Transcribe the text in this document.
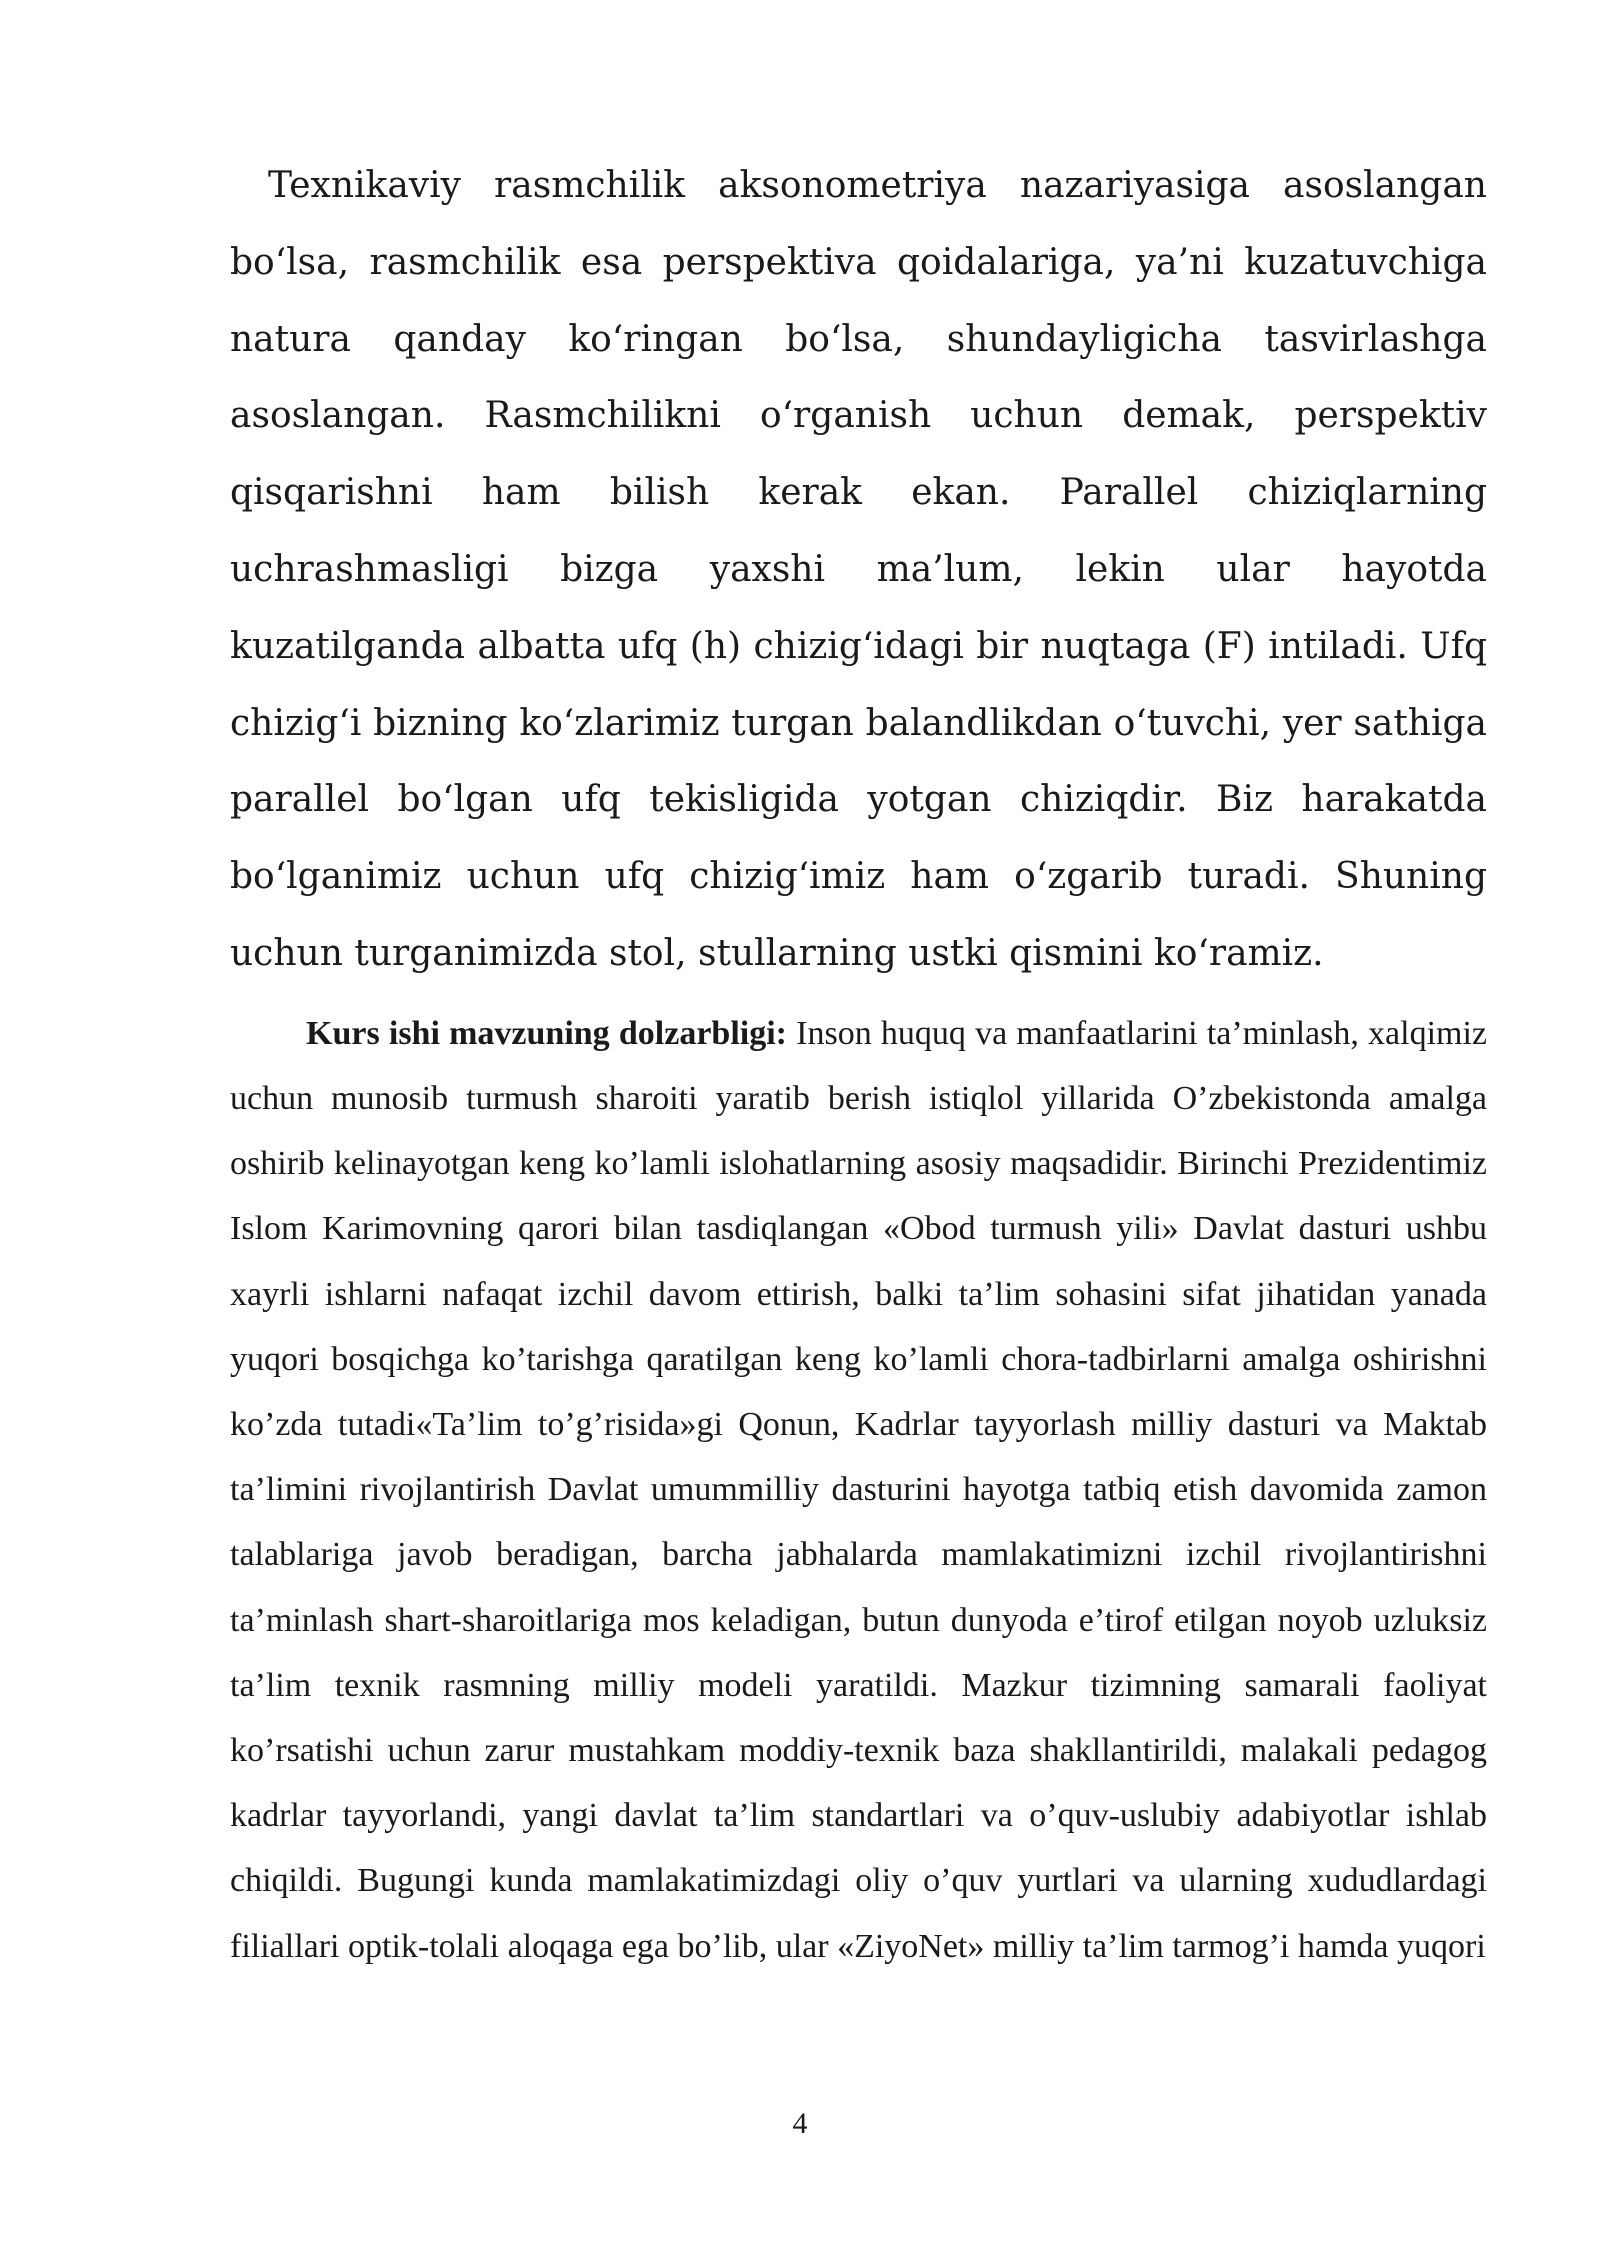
Texnikaviy rasmchilik aksonometriya nazariyasiga asoslangan bo‘lsa, rasmchilik esa perspektiva qoidalariga, ya’ni kuzatuvchiga natura qanday ko‘ringan bo‘lsa, shundayligicha tasvirlashga asoslangan. Rasmchilikni o‘rganish uchun demak, perspektiv qisqarishni ham bilish kerak ekan. Parallel chiziqlarning uchrashmasligi bizga yaxshi ma’lum, lekin ular hayotda kuzatilganda albatta ufq (h) chizig‘idagi bir nuqtaga (F) intiladi. Ufq chizig‘i bizning ko‘zlarimiz turgan balandlikdan o‘tuvchi, yer sathiga parallel bo‘lgan ufq tekisligida yotgan chiziqdir. Biz harakatda bo‘lganimiz uchun ufq chizig‘imiz ham o‘zgarib turadi. Shuning uchun turganimizda stol, stullarning ustki qismini ko‘ramiz.

Kurs ishi mavzuning dolzarbligi: Inson huquq va manfaatlarini ta’minlash, xalqimiz uchun munosib turmush sharoiti yaratib berish istiqlol yillarida O’zbekistonda amalga oshirib kelinayotgan keng ko’lamli islohatlarning asosiy maqsadidir. Birinchi Prezidentimiz Islom Karimovning qarori bilan tasdiqlangan «Obod turmush yili» Davlat dasturi ushbu xayrli ishlarni nafaqat izchil davom ettirish, balki ta’lim sohasini sifat jihatidan yanada yuqori bosqichga ko’tarishga qaratilgan keng ko’lamli chora-tadbirlarni amalga oshirishni ko’zda tutadi«Ta’lim to’g’risida»gi Qonun, Kadrlar tayyorlash milliy dasturi va Maktab ta’limini rivojlantirish Davlat umummilliy dasturini hayotga tatbiq etish davomida zamon talablariga javob beradigan, barcha jabhalarda mamlakatimizni izchil rivojlantirishni ta’minlash shart-sharoitlariga mos keladigan, butun dunyoda e’tirof etilgan noyob uzluksiz ta’lim texnik rasmning milliy modeli yaratildi. Mazkur tizimning samarali faoliyat ko’rsatishi uchun zarur mustahkam moddiy-texnik baza shakllantirildi, malakali pedagog kadrlar tayyorlandi, yangi davlat ta’lim standartlari va o’quv-uslubiy adabiyotlar ishlab chiqildi. Bugungi kunda mamlakatimizdagi oliy o’quv yurtlari va ularning xududlardagi filiallari optik-tolali aloqaga ega bo’lib, ular «ZiyoNet» milliy ta’lim tarmog’i hamda yuqori

4
